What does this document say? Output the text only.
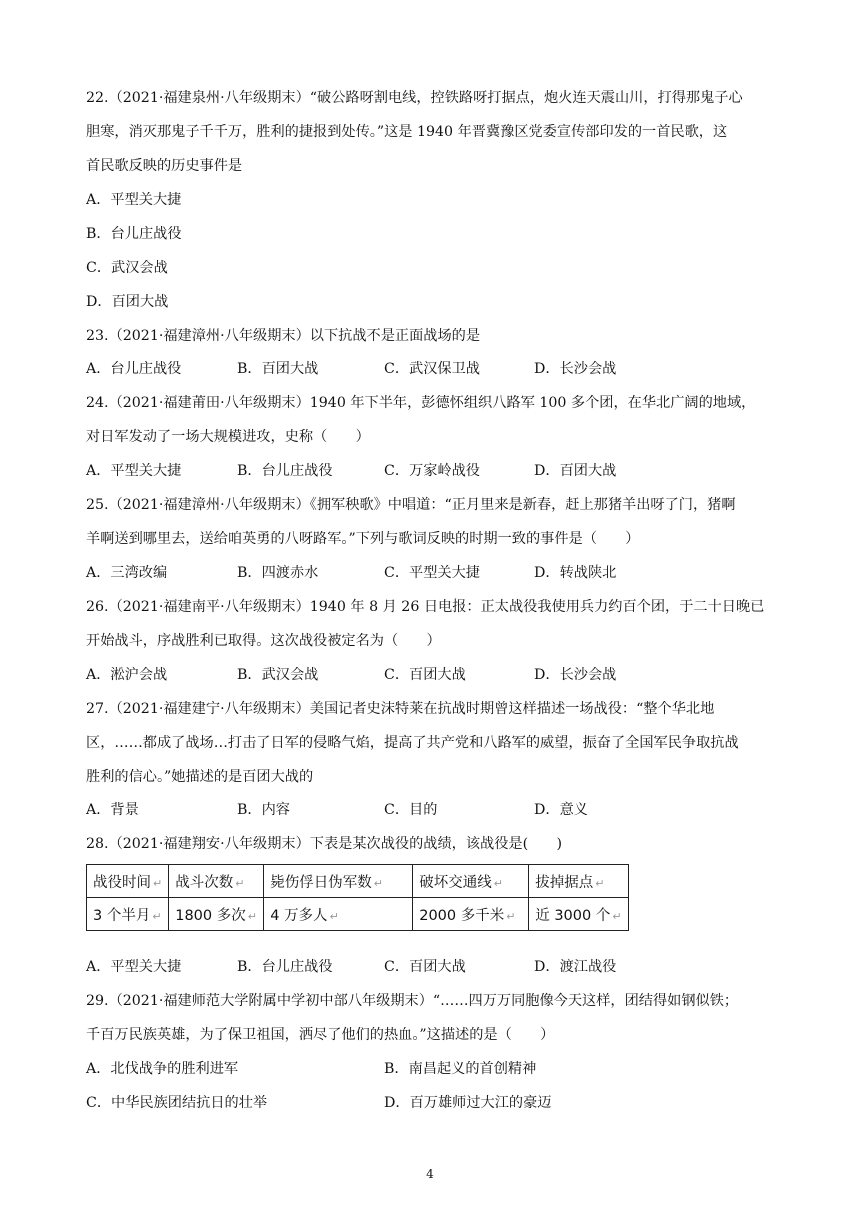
22.（2021·福建泉州·八年级期末）“破公路呀割电线，控铁路呀打据点，炮火连天震山川，打得那鬼子心
胆寒，消灭那鬼子千千万，胜利的捷报到处传。”这是 1940 年晋冀豫区党委宣传部印发的一首民歌，这
首民歌反映的历史事件是
A．平型关大捷
B．台儿庄战役
C．武汉会战
D．百团大战
23.（2021·福建漳州·八年级期末）以下抗战不是正面战场的是
A．台儿庄战役	B．百团大战	C．武汉保卫战	D．长沙会战
24.（2021·福建莆田·八年级期末）1940 年下半年，彭德怀组织八路军 100 多个团，在华北广阔的地域，
对日军发动了一场大规模进攻，史称（　　）
A．平型关大捷	B．台儿庄战役	C．万家岭战役	D．百团大战
25.（2021·福建漳州·八年级期末）《拥军秧歌》中唱道：“正月里来是新春，赶上那猪羊出呀了门，猪啊
羊啊送到哪里去，送给咱英勇的八呀路军。”下列与歌词反映的时期一致的事件是（　　）
A．三湾改编	B．四渡赤水	C．平型关大捷	D．转战陕北
26.（2021·福建南平·八年级期末）1940 年 8 月 26 日电报：正太战役我使用兵力约百个团，于二十日晚已
开始战斗，序战胜利已取得。这次战役被定名为（　　）
A．淞沪会战	B．武汉会战	C．百团大战	D．长沙会战
27.（2021·福建建宁·八年级期末）美国记者史沫特莱在抗战时期曾这样描述一场战役：“整个华北地
区，……都成了战场…打击了日军的侵略气焰，提高了共产党和八路军的威望，振奋了全国军民争取抗战
胜利的信心。”她描述的是百团大战的
A．背景	B．内容	C．目的	D．意义
28.（2021·福建翔安·八年级期末）下表是某次战役的战绩，该战役是(　　)
战役时间 ↵	战斗次数 ↵	毙伤俘日伪军数 ↵	破坏交通线 ↵	拔掉据点 ↵
3 个半月 ↵	1800 多次 ↵	4 万多人 ↵	2000 多千米 ↵	近 3000 个 ↵
A．平型关大捷	B．台儿庄战役	C．百团大战	D．渡江战役
29.（2021·福建师范大学附属中学初中部八年级期末）“……四万万同胞像今天这样，团结得如钢似铁；
千百万民族英雄，为了保卫祖国，洒尽了他们的热血。”这描述的是（　　）
A．北伐战争的胜利进军	B．南昌起义的首创精神
C．中华民族团结抗日的壮举	D．百万雄师过大江的豪迈
4
